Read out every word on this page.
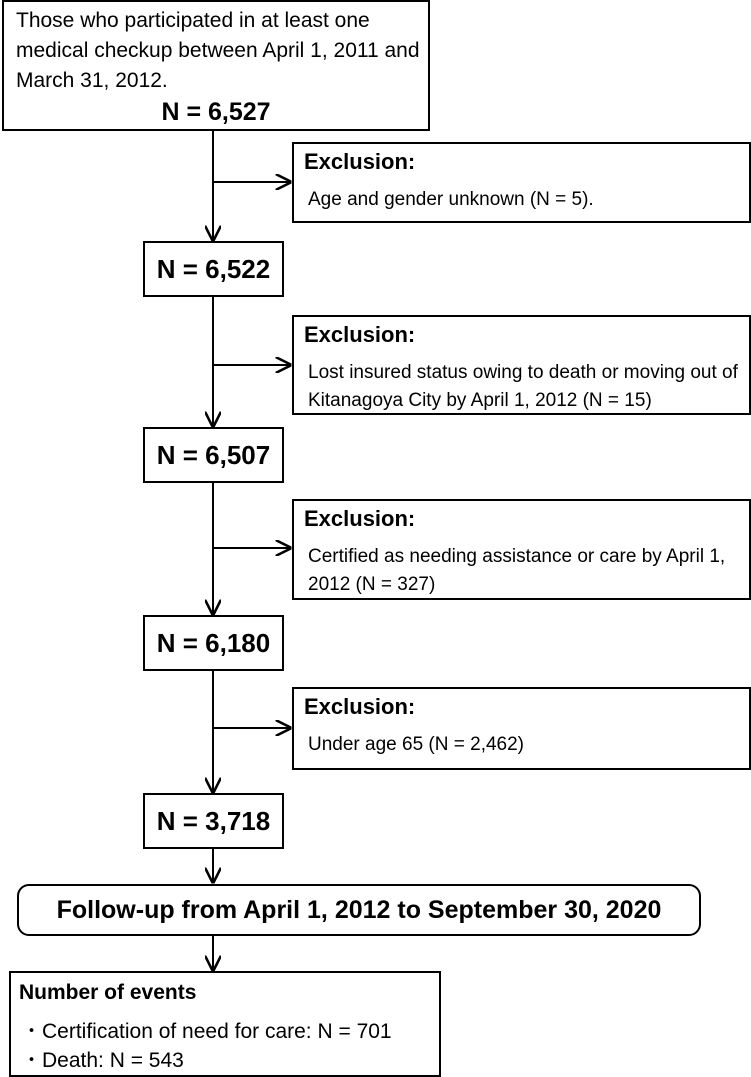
Those who participated in at least one medical checkup between April 1, 2011 and March 31, 2012.
N = 6,527
Exclusion:
Age and gender unknown (N = 5).
N = 6,522
Exclusion:
Lost insured status owing to death or moving out of Kitanagoya City by April 1, 2012 (N = 15)
N = 6,507
Exclusion:
Certified as needing assistance or care by April 1, 2012 (N = 327)
N = 6,180
Exclusion:
Under age 65 (N = 2,462)
N = 3,718
Follow-up from April 1, 2012 to September 30, 2020
Number of events
・Certification of need for care: N = 701
・Death: N = 543
